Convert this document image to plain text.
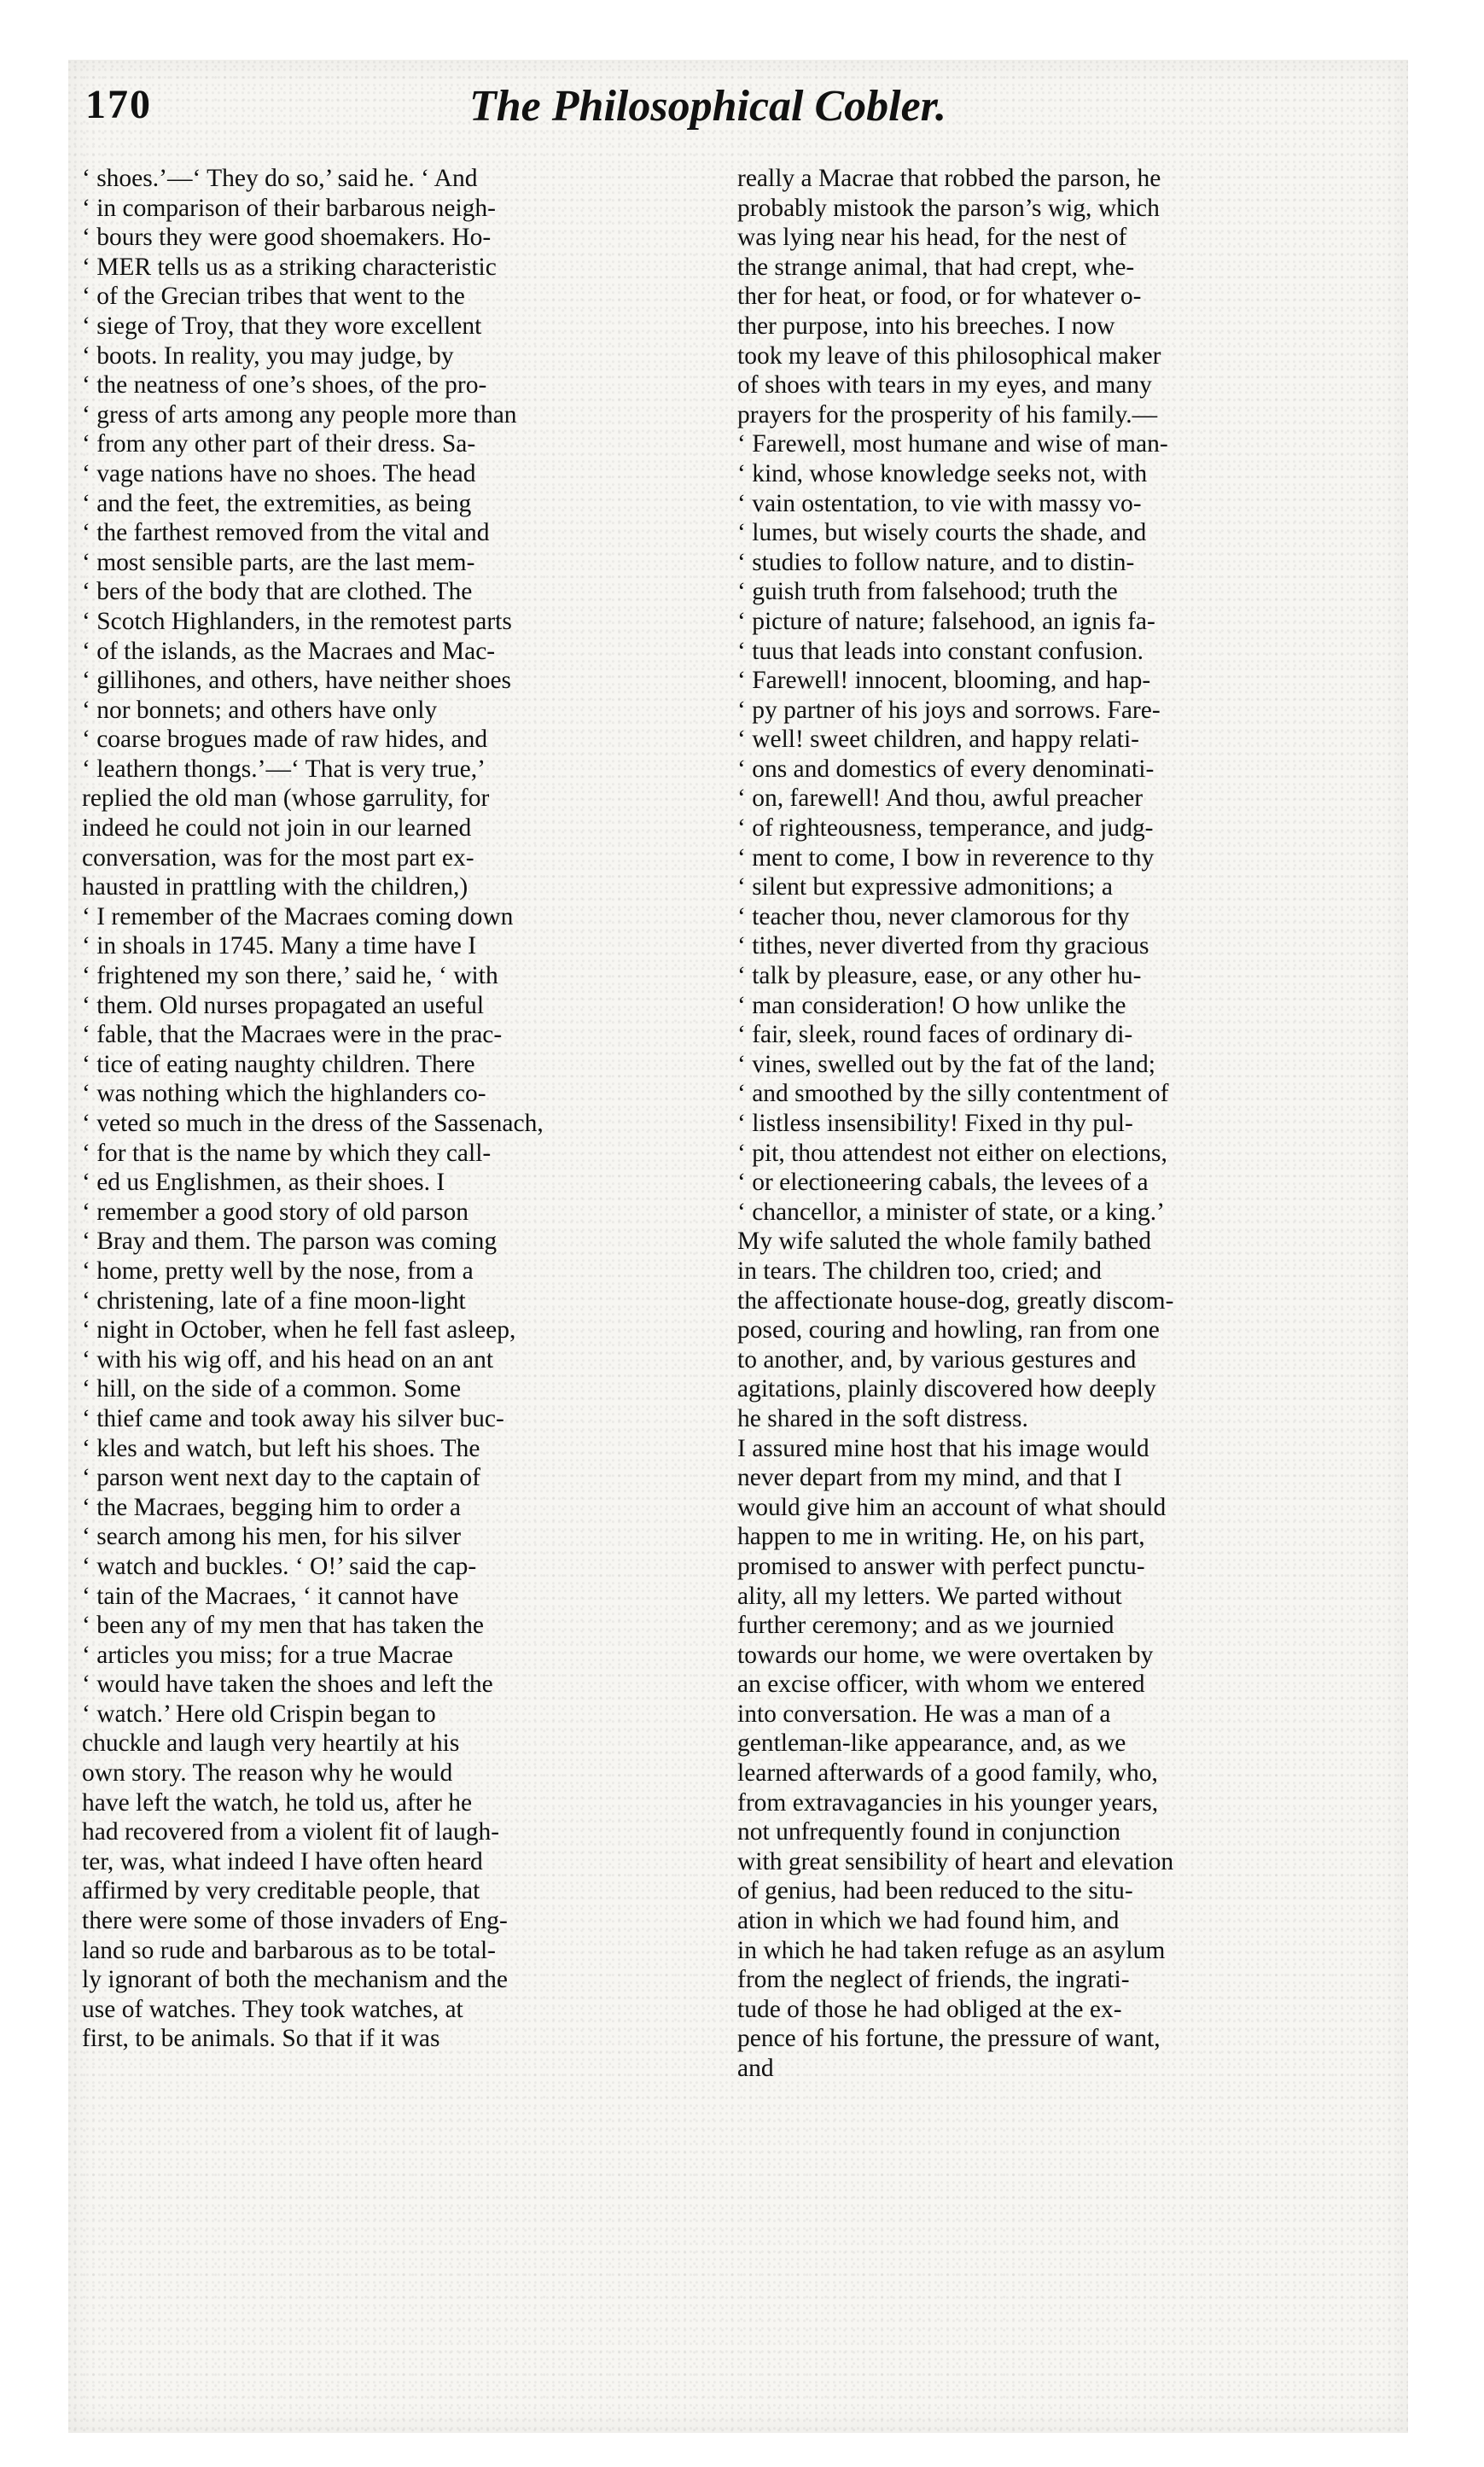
170	The Philosophical Cobler.
‘ shoes.’—‘ They do so,’ said he. ‘ And
‘ in comparison of their barbarous neigh-
‘ bours they were good shoemakers. Ho-
‘ MER tells us as a striking characteristic
‘ of the Grecian tribes that went to the
‘ siege of Troy, that they wore excellent
‘ boots. In reality, you may judge, by
‘ the neatness of one’s shoes, of the pro-
‘ gress of arts among any people more than
‘ from any other part of their dress. Sa-
‘ vage nations have no shoes. The head
‘ and the feet, the extremities, as being
‘ the farthest removed from the vital and
‘ most sensible parts, are the last mem-
‘ bers of the body that are clothed. The
‘ Scotch Highlanders, in the remotest parts
‘ of the islands, as the Macraes and Mac-
‘ gillihones, and others, have neither shoes
‘ nor bonnets; and others have only
‘ coarse brogues made of raw hides, and
‘ leathern thongs.’—‘ That is very true,’
replied the old man (whose garrulity, for
indeed he could not join in our learned
conversation, was for the most part ex-
hausted in prattling with the children,)
‘ I remember of the Macraes coming down
‘ in shoals in 1745. Many a time have I
‘ frightened my son there,’ said he, ‘ with
‘ them. Old nurses propagated an useful
‘ fable, that the Macraes were in the prac-
‘ tice of eating naughty children. There
‘ was nothing which the highlanders co-
‘ veted so much in the dress of the Sassenach,
‘ for that is the name by which they call-
‘ ed us Englishmen, as their shoes. I
‘ remember a good story of old parson
‘ Bray and them. The parson was coming
‘ home, pretty well by the nose, from a
‘ christening, late of a fine moon-light
‘ night in October, when he fell fast asleep,
‘ with his wig off, and his head on an ant
‘ hill, on the side of a common. Some
‘ thief came and took away his silver buc-
‘ kles and watch, but left his shoes. The
‘ parson went next day to the captain of
‘ the Macraes, begging him to order a
‘ search among his men, for his silver
‘ watch and buckles. ‘ O!’ said the cap-
‘ tain of the Macraes, ‘ it cannot have
‘ been any of my men that has taken the
‘ articles you miss; for a true Macrae
‘ would have taken the shoes and left the
‘ watch.’ Here old Crispin began to
chuckle and laugh very heartily at his
own story. The reason why he would
have left the watch, he told us, after he
had recovered from a violent fit of laugh-
ter, was, what indeed I have often heard
affirmed by very creditable people, that
there were some of those invaders of Eng-
land so rude and barbarous as to be total-
ly ignorant of both the mechanism and the
use of watches. They took watches, at
first, to be animals. So that if it was
really a Macrae that robbed the parson, he
probably mistook the parson’s wig, which
was lying near his head, for the nest of
the strange animal, that had crept, whe-
ther for heat, or food, or for whatever o-
ther purpose, into his breeches. I now
took my leave of this philosophical maker
of shoes with tears in my eyes, and many
prayers for the prosperity of his family.—
‘ Farewell, most humane and wise of man-
‘ kind, whose knowledge seeks not, with
‘ vain ostentation, to vie with massy vo-
‘ lumes, but wisely courts the shade, and
‘ studies to follow nature, and to distin-
‘ guish truth from falsehood; truth the
‘ picture of nature; falsehood, an ignis fa-
‘ tuus that leads into constant confusion.
‘ Farewell! innocent, blooming, and hap-
‘ py partner of his joys and sorrows. Fare-
‘ well! sweet children, and happy relati-
‘ ons and domestics of every denominati-
‘ on, farewell! And thou, awful preacher
‘ of righteousness, temperance, and judg-
‘ ment to come, I bow in reverence to thy
‘ silent but expressive admonitions; a
‘ teacher thou, never clamorous for thy
‘ tithes, never diverted from thy gracious
‘ talk by pleasure, ease, or any other hu-
‘ man consideration! O how unlike the
‘ fair, sleek, round faces of ordinary di-
‘ vines, swelled out by the fat of the land;
‘ and smoothed by the silly contentment of
‘ listless insensibility! Fixed in thy pul-
‘ pit, thou attendest not either on elections,
‘ or electioneering cabals, the levees of a
‘ chancellor, a minister of state, or a king.’
My wife saluted the whole family bathed
in tears. The children too, cried; and
the affectionate house-dog, greatly discom-
posed, couring and howling, ran from one
to another, and, by various gestures and
agitations, plainly discovered how deeply
he shared in the soft distress.
I assured mine host that his image would
never depart from my mind, and that I
would give him an account of what should
happen to me in writing. He, on his part,
promised to answer with perfect punctu-
ality, all my letters. We parted without
further ceremony; and as we journied
towards our home, we were overtaken by
an excise officer, with whom we entered
into conversation. He was a man of a
gentleman-like appearance, and, as we
learned afterwards of a good family, who,
from extravagancies in his younger years,
not unfrequently found in conjunction
with great sensibility of heart and elevation
of genius, had been reduced to the situ-
ation in which we had found him, and
in which he had taken refuge as an asylum
from the neglect of friends, the ingrati-
tude of those he had obliged at the ex-
pence of his fortune, the pressure of want,
and
